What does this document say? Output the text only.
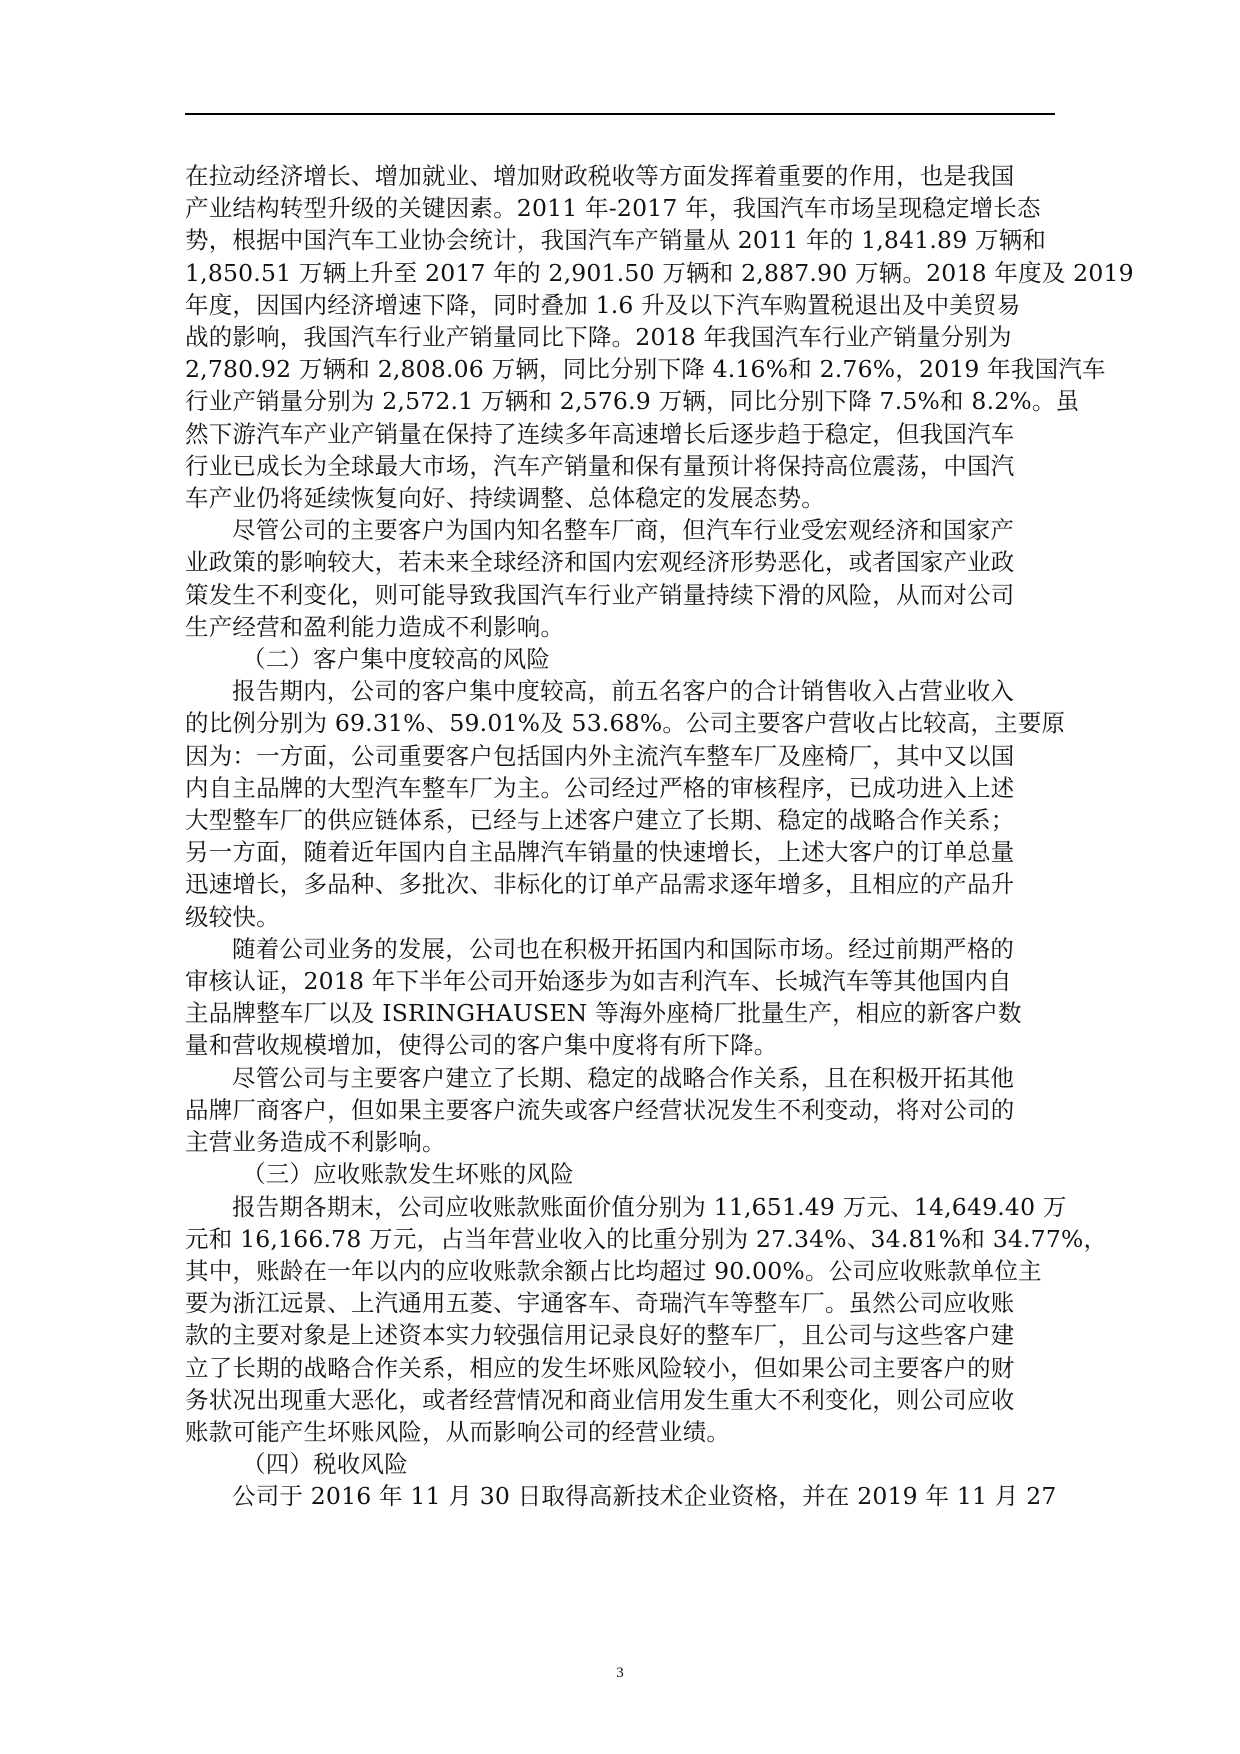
在拉动经济增长、增加就业、增加财政税收等方面发挥着重要的作用，也是我国
产业结构转型升级的关键因素。2011 年-2017 年，我国汽车市场呈现稳定增长态
势，根据中国汽车工业协会统计，我国汽车产销量从 2011 年的 1,841.89 万辆和
1,850.51 万辆上升至 2017 年的 2,901.50 万辆和 2,887.90 万辆。2018 年度及 2019
年度，因国内经济增速下降，同时叠加 1.6 升及以下汽车购置税退出及中美贸易
战的影响，我国汽车行业产销量同比下降。2018 年我国汽车行业产销量分别为
2,780.92 万辆和 2,808.06 万辆，同比分别下降 4.16%和 2.76%，2019 年我国汽车
行业产销量分别为 2,572.1 万辆和 2,576.9 万辆，同比分别下降 7.5%和 8.2%。虽
然下游汽车产业产销量在保持了连续多年高速增长后逐步趋于稳定，但我国汽车
行业已成长为全球最大市场，汽车产销量和保有量预计将保持高位震荡，中国汽
车产业仍将延续恢复向好、持续调整、总体稳定的发展态势。
尽管公司的主要客户为国内知名整车厂商，但汽车行业受宏观经济和国家产
业政策的影响较大，若未来全球经济和国内宏观经济形势恶化，或者国家产业政
策发生不利变化，则可能导致我国汽车行业产销量持续下滑的风险，从而对公司
生产经营和盈利能力造成不利影响。

（二）客户集中度较高的风险

报告期内，公司的客户集中度较高，前五名客户的合计销售收入占营业收入
的比例分别为 69.31%、59.01%及 53.68%。公司主要客户营收占比较高，主要原
因为：一方面，公司重要客户包括国内外主流汽车整车厂及座椅厂，其中又以国
内自主品牌的大型汽车整车厂为主。公司经过严格的审核程序，已成功进入上述
大型整车厂的供应链体系，已经与上述客户建立了长期、稳定的战略合作关系；
另一方面，随着近年国内自主品牌汽车销量的快速增长，上述大客户的订单总量
迅速增长，多品种、多批次、非标化的订单产品需求逐年增多，且相应的产品升
级较快。
随着公司业务的发展，公司也在积极开拓国内和国际市场。经过前期严格的
审核认证，2018 年下半年公司开始逐步为如吉利汽车、长城汽车等其他国内自
主品牌整车厂以及 ISRINGHAUSEN 等海外座椅厂批量生产，相应的新客户数
量和营收规模增加，使得公司的客户集中度将有所下降。
尽管公司与主要客户建立了长期、稳定的战略合作关系，且在积极开拓其他
品牌厂商客户，但如果主要客户流失或客户经营状况发生不利变动，将对公司的
主营业务造成不利影响。

（三）应收账款发生坏账的风险

报告期各期末，公司应收账款账面价值分别为 11,651.49 万元、14,649.40 万
元和 16,166.78 万元，占当年营业收入的比重分别为 27.34%、34.81%和 34.77%，
其中，账龄在一年以内的应收账款余额占比均超过 90.00%。公司应收账款单位主
要为浙江远景、上汽通用五菱、宇通客车、奇瑞汽车等整车厂。虽然公司应收账
款的主要对象是上述资本实力较强信用记录良好的整车厂，且公司与这些客户建
立了长期的战略合作关系，相应的发生坏账风险较小，但如果公司主要客户的财
务状况出现重大恶化，或者经营情况和商业信用发生重大不利变化，则公司应收
账款可能产生坏账风险，从而影响公司的经营业绩。

（四）税收风险

公司于 2016 年 11 月 30 日取得高新技术企业资格，并在 2019 年 11 月 27
3
